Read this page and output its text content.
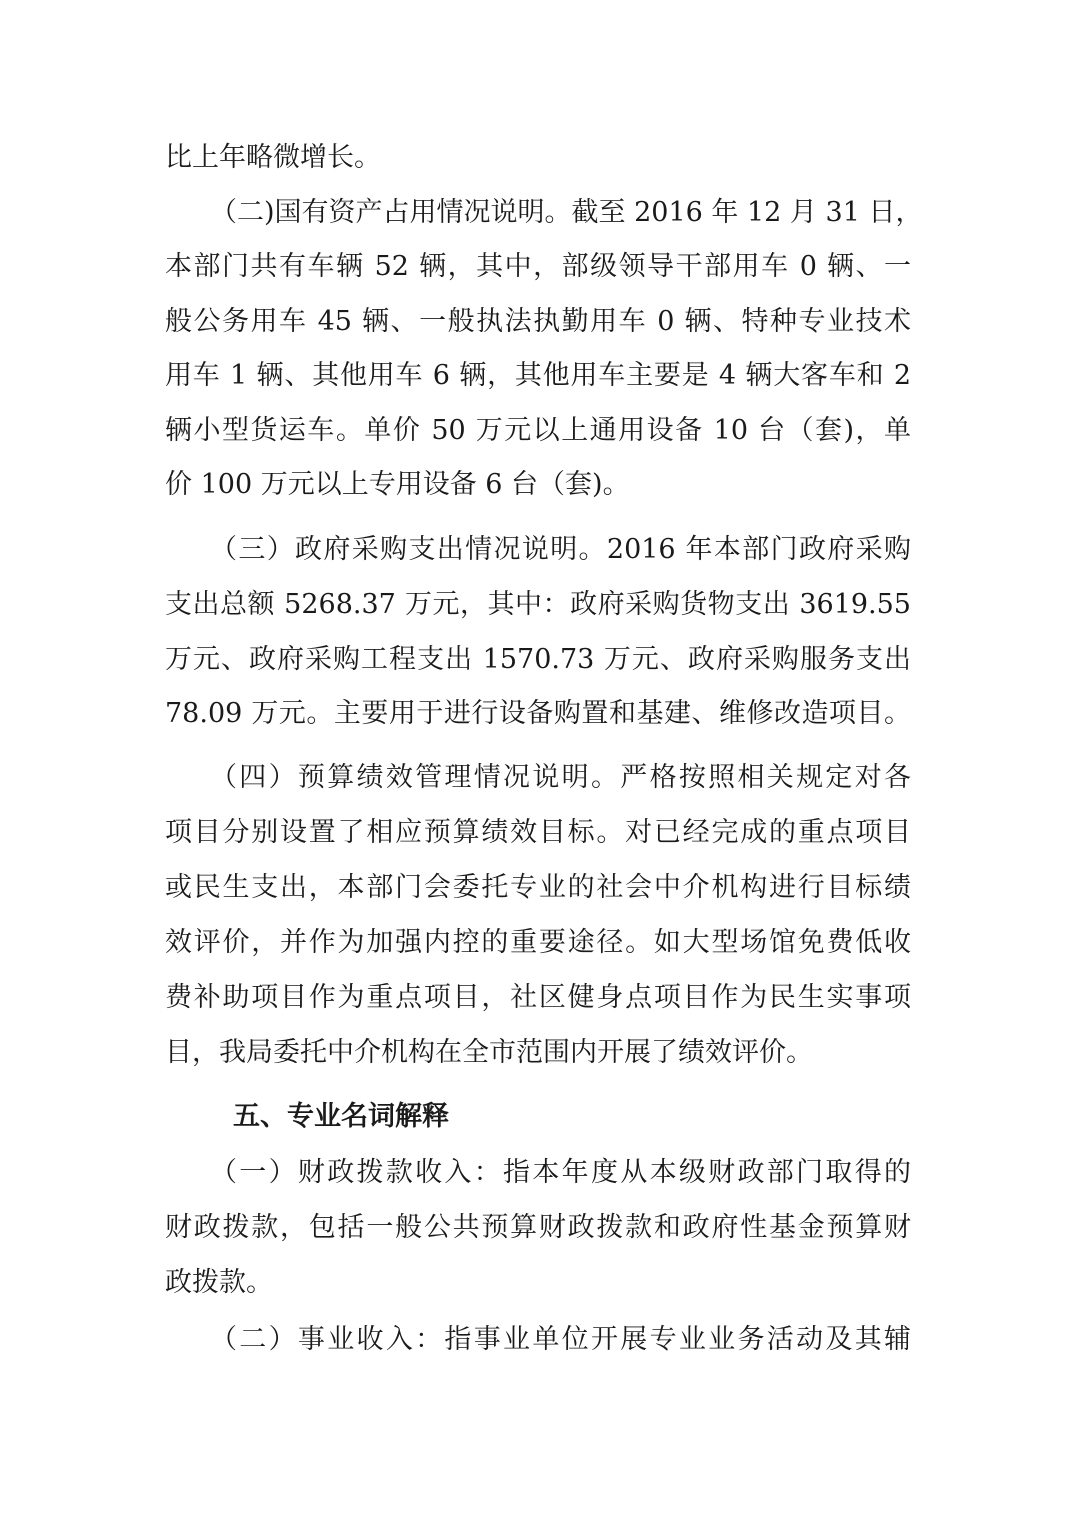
比上年略微增长。
（二)国有资产占用情况说明。截至 2016 年 12 月 31 日，
本部门共有车辆 52 辆，其中，部级领导干部用车 0 辆、一
般公务用车 45 辆、一般执法执勤用车 0 辆、特种专业技术
用车 1 辆、其他用车 6 辆，其他用车主要是 4 辆大客车和 2
辆小型货运车。单价 50 万元以上通用设备 10 台（套)，单
价 100 万元以上专用设备 6 台（套)。
（三）政府采购支出情况说明。2016 年本部门政府采购
支出总额 5268.37 万元，其中：政府采购货物支出 3619.55
万元、政府采购工程支出 1570.73 万元、政府采购服务支出
78.09 万元。主要用于进行设备购置和基建、维修改造项目。
（四）预算绩效管理情况说明。严格按照相关规定对各
项目分别设置了相应预算绩效目标。对已经完成的重点项目
或民生支出，本部门会委托专业的社会中介机构进行目标绩
效评价，并作为加强内控的重要途径。如大型场馆免费低收
费补助项目作为重点项目，社区健身点项目作为民生实事项
目，我局委托中介机构在全市范围内开展了绩效评价。
五、专业名词解释
（一）财政拨款收入：指本年度从本级财政部门取得的
财政拨款，包括一般公共预算财政拨款和政府性基金预算财
政拨款。
（二）事业收入：指事业单位开展专业业务活动及其辅
